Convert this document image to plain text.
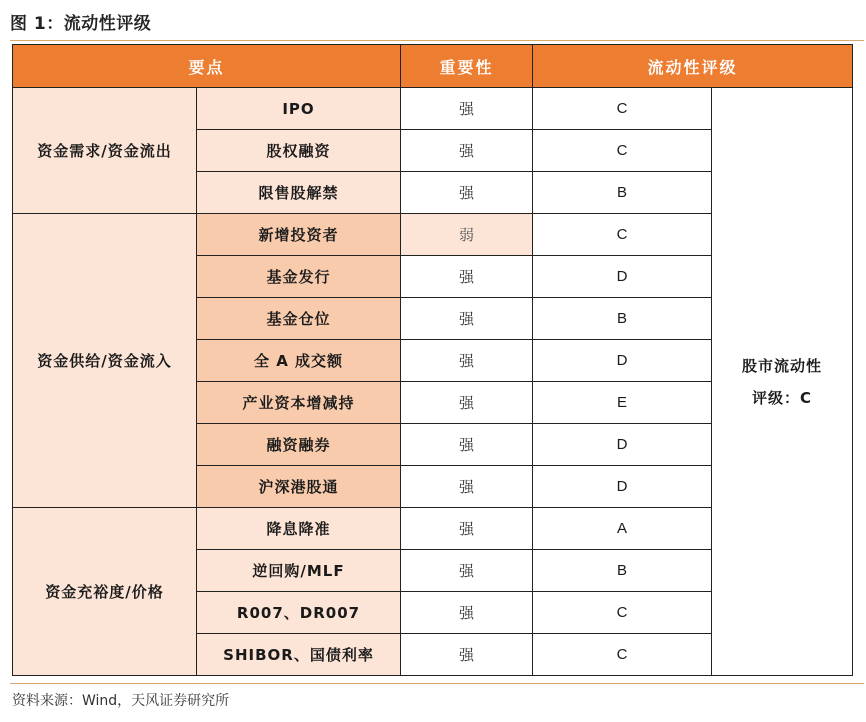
图 1：流动性评级
要点		重要性	流动性评级	
资金需求/资金流出	IPO	强	C	股市流动性
评级：C

	股权融资	强	C	
	限售股解禁	强	B	
资金供给/资金流入	新增投资者	弱	C	
	基金发行	强	D	
	基金仓位	强	B	
	全 A 成交额	强	D	
	产业资本增减持	强	E	
	融资融券	强	D	
	沪深港股通	强	D	
资金充裕度/价格	降息降准	强	A	
	逆回购/MLF	强	B	
	R007、DR007	强	C	
	SHIBOR、国债利率	强	C	
资料来源：Wind，天风证券研究所
